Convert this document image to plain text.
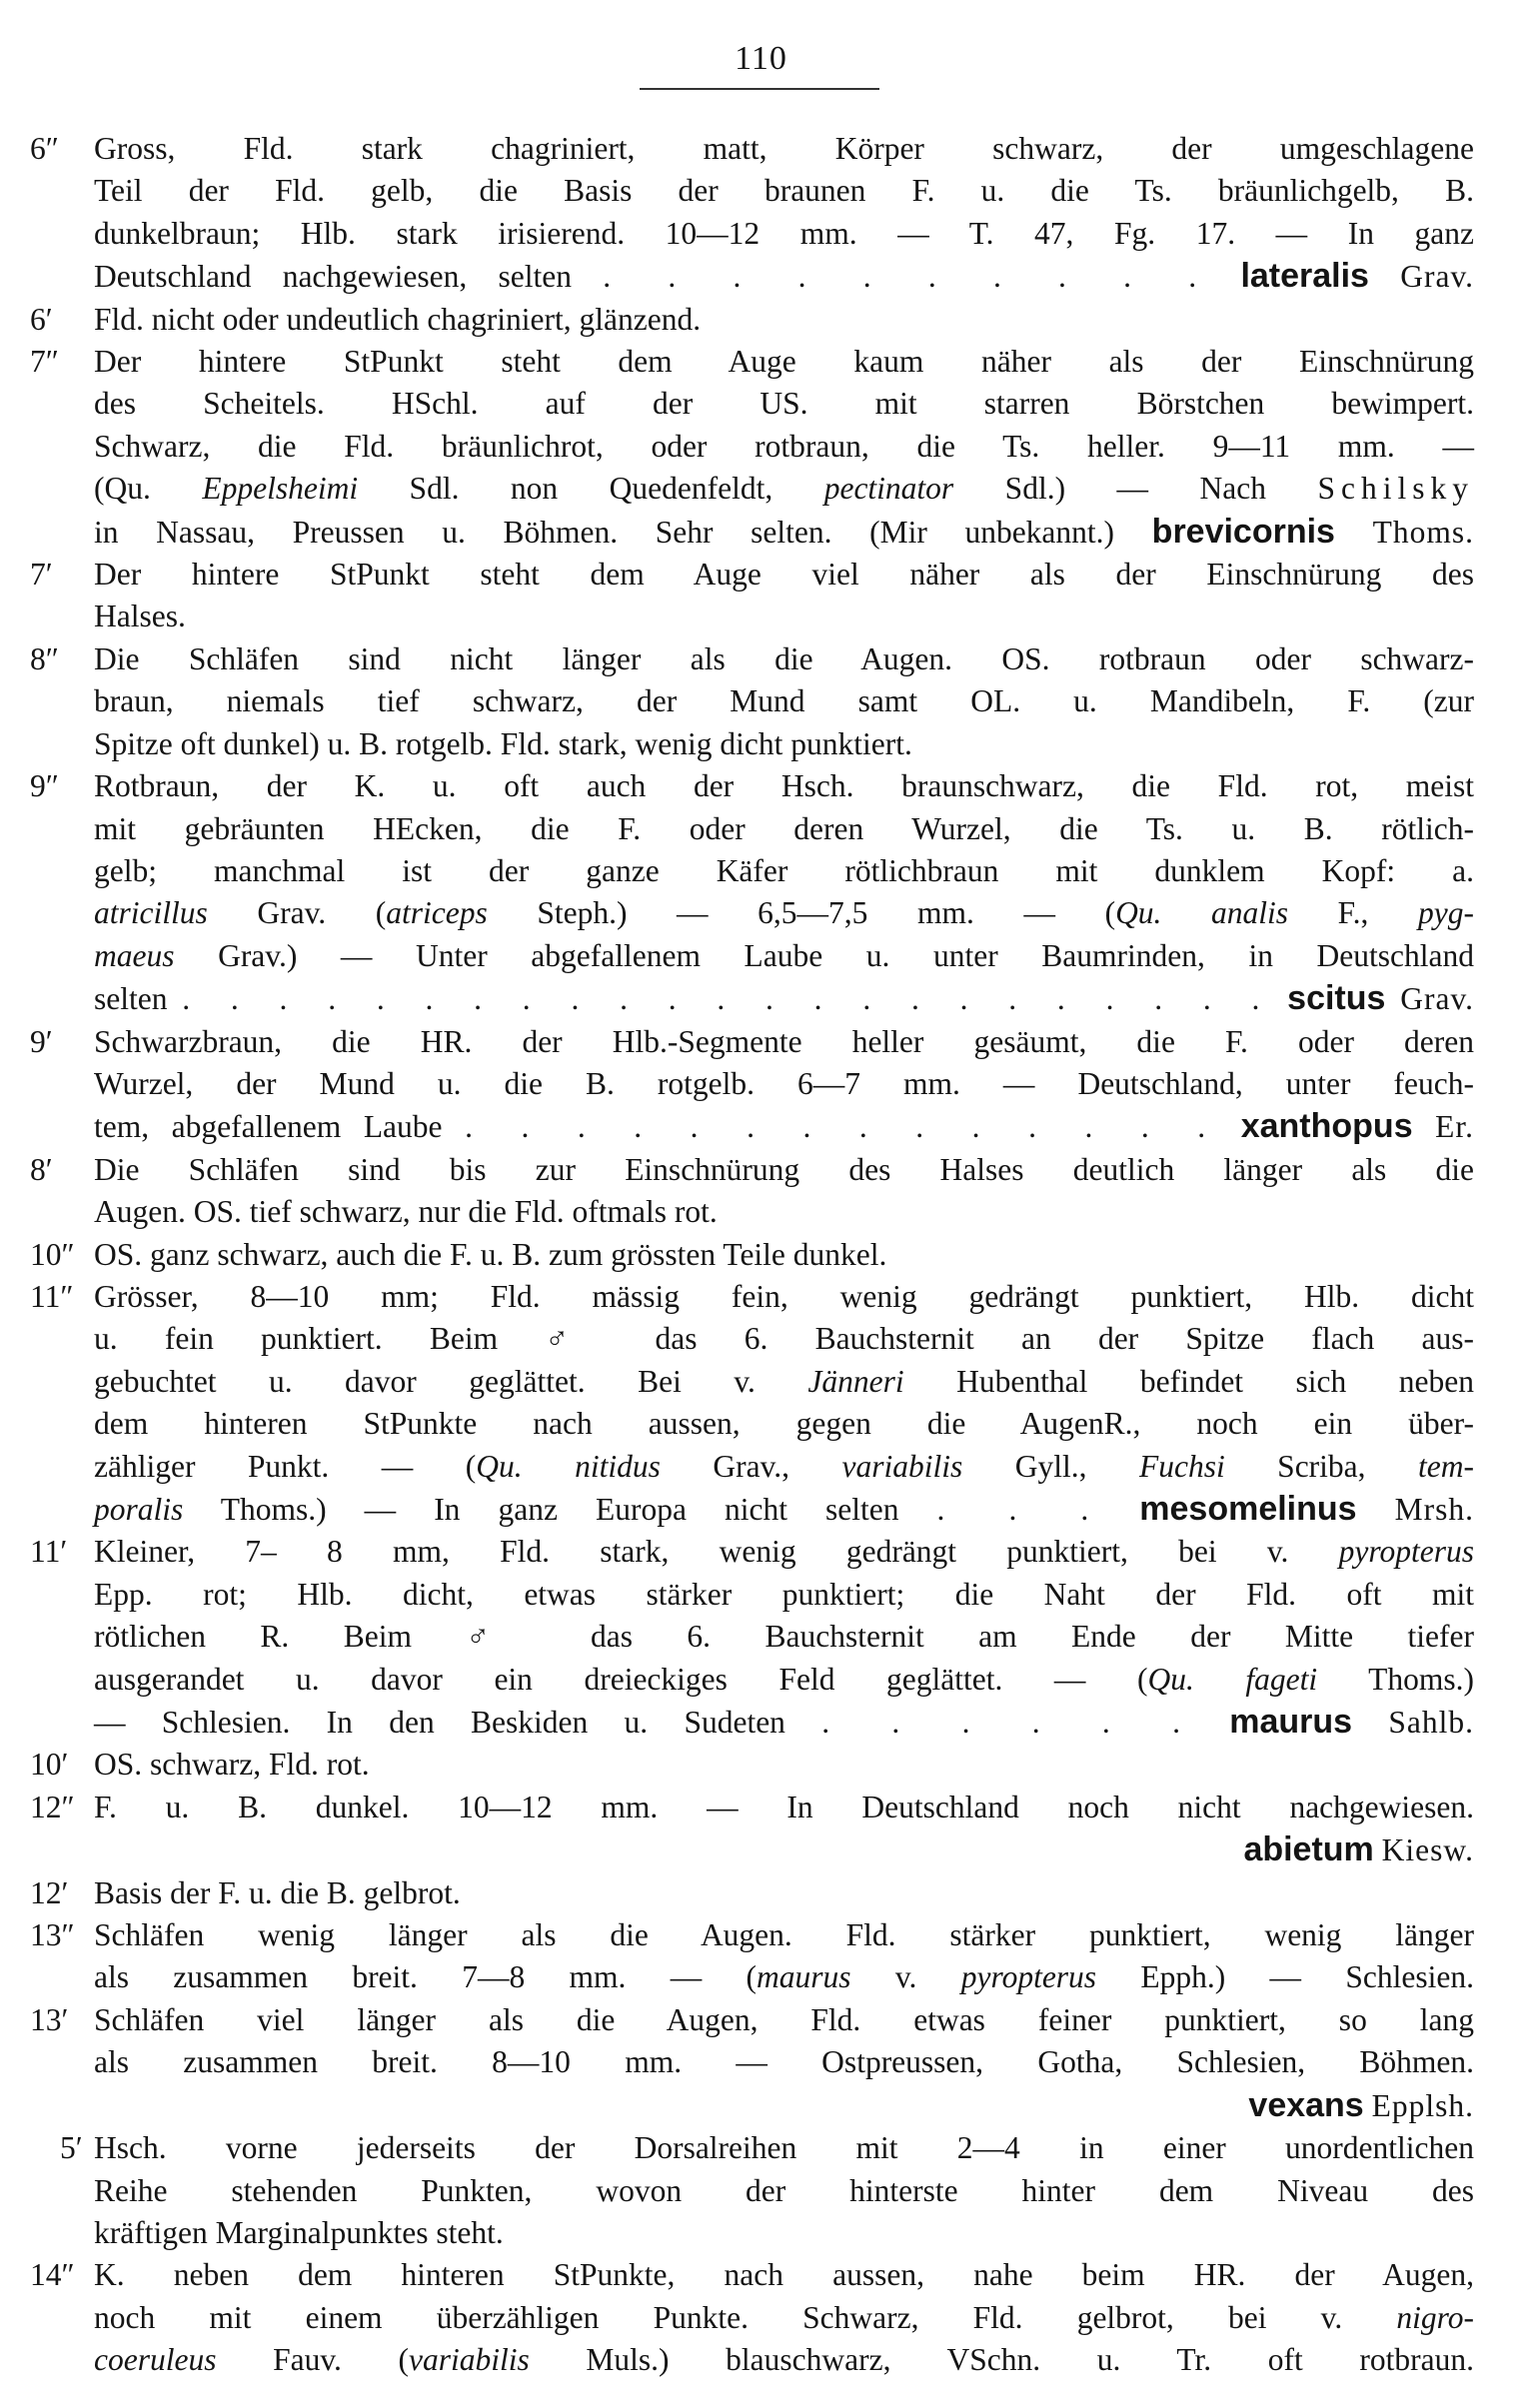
110
6″	Gross, Fld. stark chagriniert, matt, Körper schwarz, der umgeschlagene
Teil der Fld. gelb, die Basis der braunen F. u. die Ts. bräunlichgelb, B.
dunkelbraun; Hlb. stark irisierend. 10—12 mm. — T. 47, Fg. 17. — In ganz
Deutschland nachgewiesen, selten . . . . . . . . . . lateralis Grav.
6′	Fld. nicht oder undeutlich chagriniert, glänzend.
7″	Der hintere StPunkt steht dem Auge kaum näher als der Einschnürung
des Scheitels. HSchl. auf der US. mit starren Börstchen bewimpert.
Schwarz, die Fld. bräunlichrot, oder rotbraun, die Ts. heller. 9—11 mm. —
(Qu. Eppelsheimi Sdl. non Quedenfeldt, pectinator Sdl.) — Nach Schilsky
in Nassau, Preussen u. Böhmen. Sehr selten. (Mir unbekannt.) brevicornis Thoms.
7′	Der hintere StPunkt steht dem Auge viel näher als der Einschnürung des
Halses.
8″	Die Schläfen sind nicht länger als die Augen. OS. rotbraun oder schwarz-
braun, niemals tief schwarz, der Mund samt OL. u. Mandibeln, F. (zur
Spitze oft dunkel) u. B. rotgelb. Fld. stark, wenig dicht punktiert.
9″	Rotbraun, der K. u. oft auch der Hsch. braunschwarz, die Fld. rot, meist
mit gebräunten HEcken, die F. oder deren Wurzel, die Ts. u. B. rötlich-
gelb; manchmal ist der ganze Käfer rötlichbraun mit dunklem Kopf: a.
atricillus Grav. (atriceps Steph.) — 6,5—7,5 mm. — (Qu. analis F., pyg-
maeus Grav.) — Unter abgefallenem Laube u. unter Baumrinden, in Deutschland
selten . . . . . . . . . . . . . . . . . . . . . . . scitus Grav.
9′	Schwarzbraun, die HR. der Hlb.-Segmente heller gesäumt, die F. oder deren
Wurzel, der Mund u. die B. rotgelb. 6—7 mm. — Deutschland, unter feuch-
tem, abgefallenem Laube . . . . . . . . . . . . . . xanthopus Er.
8′	Die Schläfen sind bis zur Einschnürung des Halses deutlich länger als die
Augen. OS. tief schwarz, nur die Fld. oftmals rot.
10″ OS. ganz schwarz, auch die F. u. B. zum grössten Teile dunkel.
11″ Grösser, 8—10 mm; Fld. mässig fein, wenig gedrängt punktiert, Hlb. dicht
u. fein punktiert. Beim ♂ das 6. Bauchsternit an der Spitze flach aus-
gebuchtet u. davor geglättet. Bei v. Jänneri Hubenthal befindet sich neben
dem hinteren StPunkte nach aussen, gegen die AugenR., noch ein über-
zähliger Punkt. — (Qu. nitidus Grav., variabilis Gyll., Fuchsi Scriba, tem-
poralis Thoms.) — In ganz Europa nicht selten . . . mesomelinus Mrsh.
11′ Kleiner, 7– 8 mm, Fld. stark, wenig gedrängt punktiert, bei v. pyropterus
Epp. rot; Hlb. dicht, etwas stärker punktiert; die Naht der Fld. oft mit
rötlichen R. Beim ♂ das 6. Bauchsternit am Ende der Mitte tiefer
ausgerandet u. davor ein dreieckiges Feld geglättet. — (Qu. fageti Thoms.)
— Schlesien. In den Beskiden u. Sudeten . . . . . . maurus Sahlb.
10′ OS. schwarz, Fld. rot.
12″ F. u. B. dunkel. 10—12 mm. — In Deutschland noch nicht nachgewiesen.
abietum Kiesw.
12′ Basis der F. u. die B. gelbrot.
13″ Schläfen wenig länger als die Augen. Fld. stärker punktiert, wenig länger
als zusammen breit. 7—8 mm. — (maurus v. pyropterus Epph.) — Schlesien.
13′ Schläfen viel länger als die Augen, Fld. etwas feiner punktiert, so lang
als zusammen breit. 8—10 mm. — Ostpreussen, Gotha, Schlesien, Böhmen.
vexans Epplsh.
5′ Hsch. vorne jederseits der Dorsalreihen mit 2—4 in einer unordentlichen
Reihe stehenden Punkten, wovon der hinterste hinter dem Niveau des
kräftigen Marginalpunktes steht.
14″ K. neben dem hinteren StPunkte, nach aussen, nahe beim HR. der Augen,
noch mit einem überzähligen Punkte. Schwarz, Fld. gelbrot, bei v. nigro-
coeruleus Fauv. (variabilis Muls.) blauschwarz, VSchn. u. Tr. oft rotbraun.
